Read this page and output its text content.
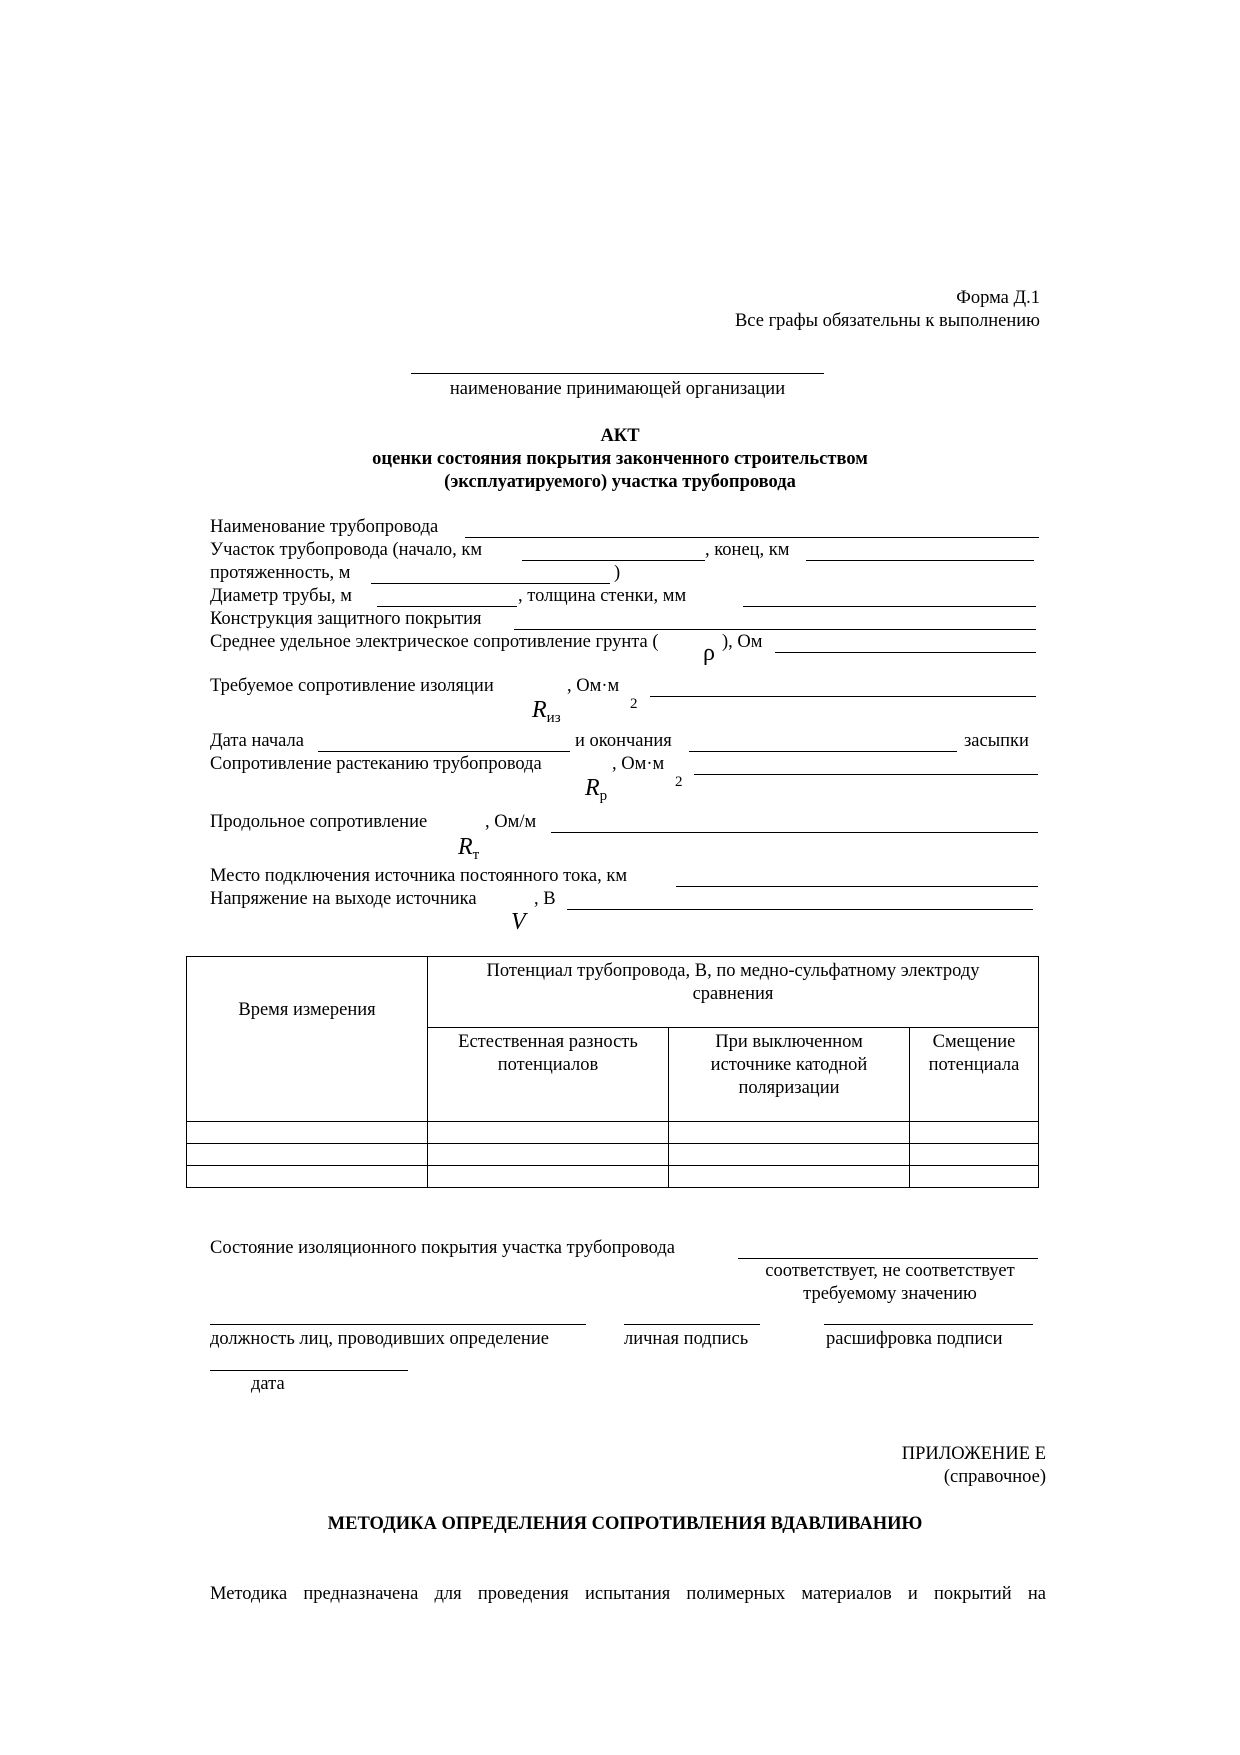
Форма Д.1
Все графы обязательны к выполнению
наименование принимающей организации
АКТ
оценки состояния покрытия законченного строительством
(эксплуатируемого) участка трубопровода
Наименование трубопровода
Участок трубопровода (начало, км	, конец, км
протяженность, м	)
Диаметр трубы, м	, толщина стенки, мм
Конструкция защитного покрытия
Среднее удельное электрическое сопротивление грунта ( ρ ), Ом
Требуемое сопротивление изоляции	, Ом·м
2
$R_{из}$
Дата начала	и окончания	засыпки
Сопротивление растеканию трубопровода	, Ом·м
2
$R_р$
Продольное сопротивление	, Ом/м
$R_т$
Место подключения источника постоянного тока, км
Напряжение на выходе источника	, В
V
Время измерения	Потенциал трубопровода, В, по медно-сульфатному электроду сравнения		
	Естественная разность потенциалов	При выключенном источнике катодной поляризации	Смещение потенциала

Состояние изоляционного покрытия участка трубопровода
соответствует, не соответствует
требуемому значению
должность лиц, проводивших определение	личная подпись	расшифровка подписи
дата
ПРИЛОЖЕНИЕ Е
(справочное)
МЕТОДИКА ОПРЕДЕЛЕНИЯ СОПРОТИВЛЕНИЯ ВДАВЛИВАНИЮ
Методика предназначена для проведения испытания полимерных материалов и покрытий на
